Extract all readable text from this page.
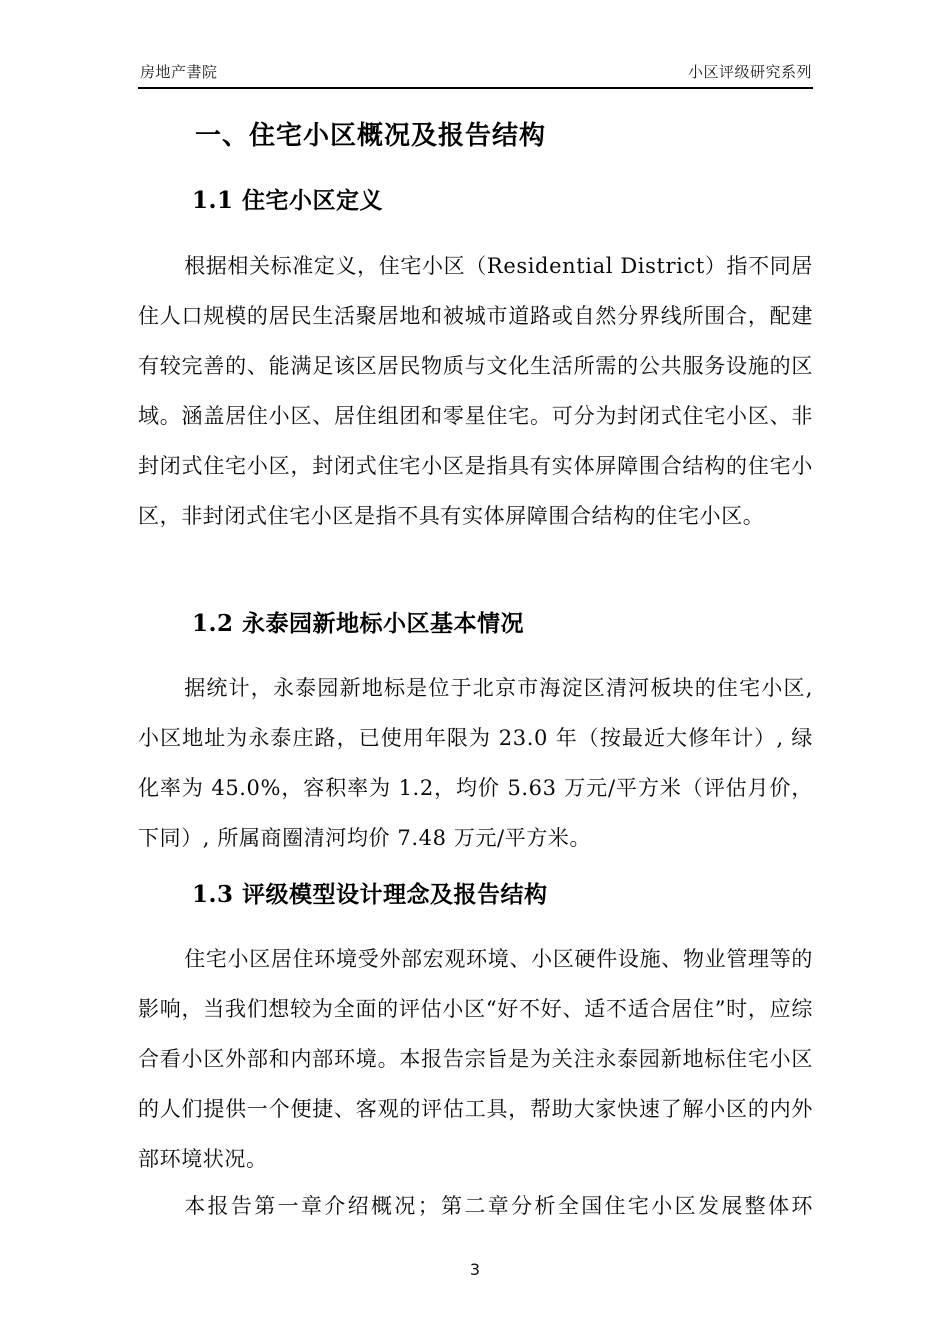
房地产書院	小区评级研究系列
一、住宅小区概况及报告结构
1.1 住宅小区定义

根据相关标准定义，住宅小区（Residential District）指不同居住人口规模的居民生活聚居地和被城市道路或自然分界线所围合，配建有较完善的、能满足该区居民物质与文化生活所需的公共服务设施的区域。涵盖居住小区、居住组团和零星住宅。可分为封闭式住宅小区、非封闭式住宅小区，封闭式住宅小区是指具有实体屏障围合结构的住宅小区，非封闭式住宅小区是指不具有实体屏障围合结构的住宅小区。

1.2 永泰园新地标小区基本情况

据统计，永泰园新地标是位于北京市海淀区清河板块的住宅小区, 小区地址为永泰庄路，已使用年限为 23.0 年（按最近大修年计）, 绿化率为 45.0%，容积率为 1.2，均价 5.63 万元/平方米（评估月价，下同）, 所属商圈清河均价 7.48 万元/平方米。

1.3 评级模型设计理念及报告结构

住宅小区居住环境受外部宏观环境、小区硬件设施、物业管理等的影响，当我们想较为全面的评估小区“好不好、适不适合居住”时，应综合看小区外部和内部环境。本报告宗旨是为关注永泰园新地标住宅小区的人们提供一个便捷、客观的评估工具，帮助大家快速了解小区的内外部环境状况。

本报告第一章介绍概况；第二章分析全国住宅小区发展整体环

3
